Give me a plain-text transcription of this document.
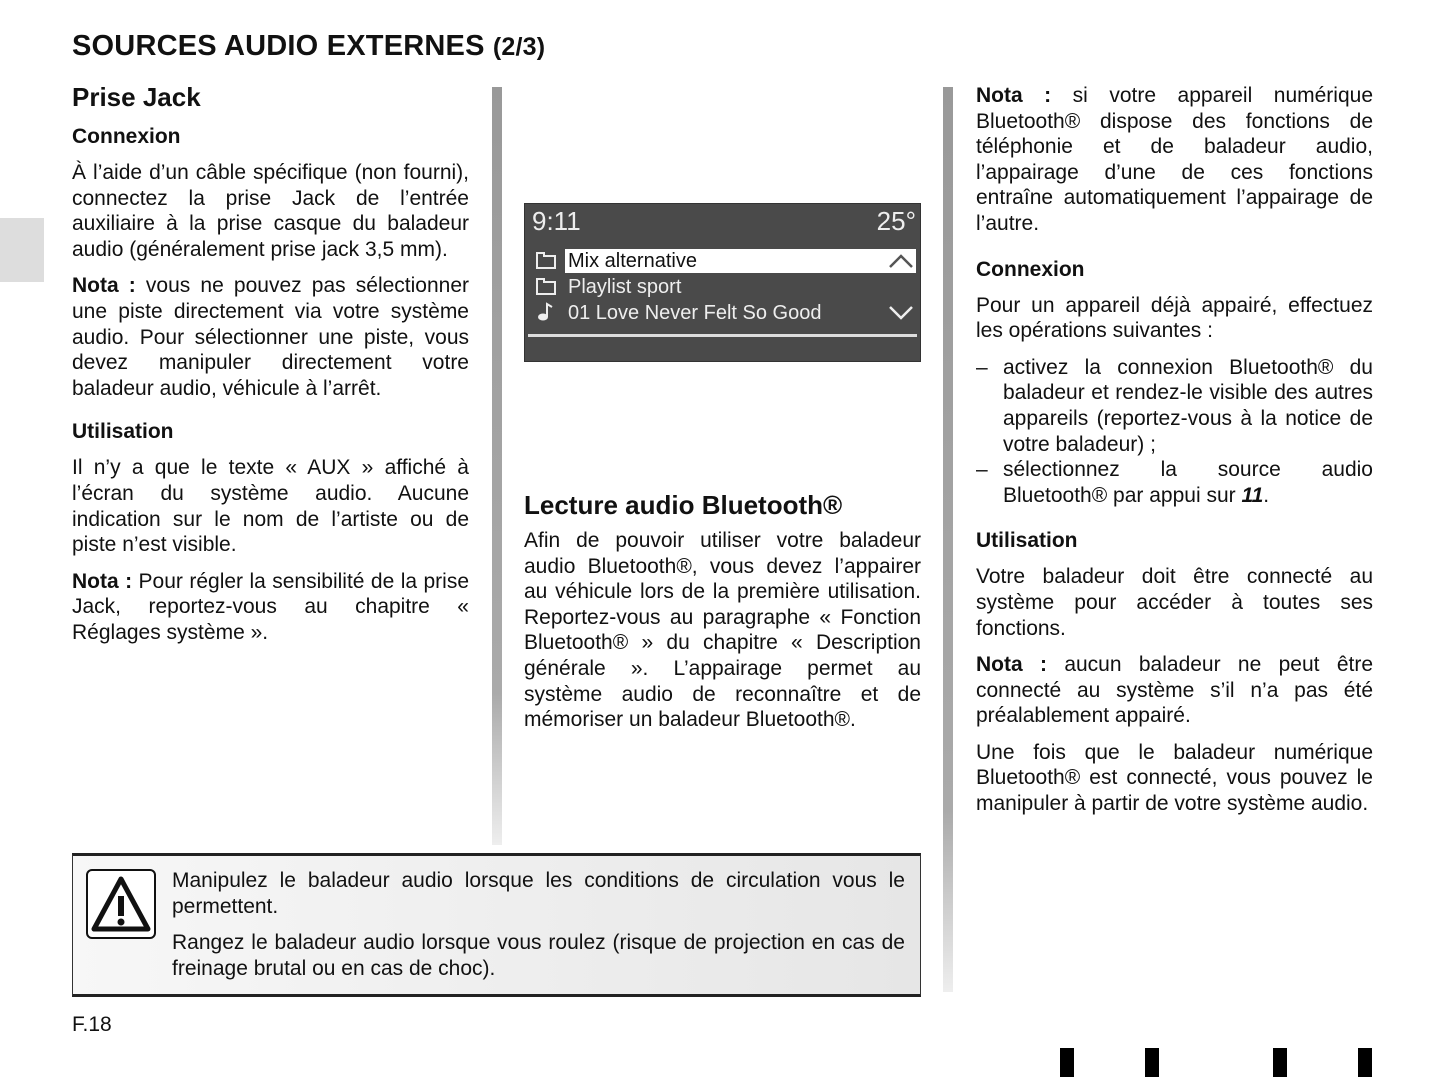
SOURCES AUDIO EXTERNES (2/3)
Prise Jack
Connexion

À l’aide d’un câble spécifique (non fourni), connectez la prise Jack de l’entrée auxiliaire à la prise casque du baladeur audio (généralement prise jack 3,5 mm).

Nota : vous ne pouvez pas sélectionner une piste directement via votre système audio. Pour sélectionner une piste, vous devez manipuler directement votre baladeur audio, véhicule à l’arrêt.

Utilisation

Il n’y a que le texte « AUX » affiché à l’écran du système audio. Aucune indication sur le nom de l’artiste ou de piste n’est visible.

Nota : Pour régler la sensibilité de la prise Jack, reportez-vous au chapitre « Réglages système ».

9:11	25°
Mix alternative
Playlist sport
01 Love Never Felt So Good
Lecture audio Bluetooth®

Afin de pouvoir utiliser votre baladeur audio Bluetooth®, vous devez l’appairer au véhicule lors de la première utilisation. Reportez-vous au paragraphe « Fonction Bluetooth® » du chapitre « Description générale ». L’appairage permet au système audio de reconnaître et de mémoriser un baladeur Bluetooth®.

Nota : si votre appareil numérique Bluetooth® dispose des fonctions de téléphonie et de baladeur audio, l’appairage d’une de ces fonctions entraîne automatiquement l’appairage de l’autre.

Connexion

Pour un appareil déjà appairé, effectuez les opérations suivantes :

– activez la connexion Bluetooth® du baladeur et rendez-le visible des autres appareils (reportez-vous à la notice de votre baladeur) ;
– sélectionnez la source audio Bluetooth® par appui sur 11.
Utilisation

Votre baladeur doit être connecté au système pour accéder à toutes ses fonctions.

Nota : aucun baladeur ne peut être connecté au système s’il n’a pas été préalablement appairé.

Une fois que le baladeur numérique Bluetooth® est connecté, vous pouvez le manipuler à partir de votre système audio.

Manipulez le baladeur audio lorsque les conditions de circulation vous le permettent.

Rangez le baladeur audio lorsque vous roulez (risque de projection en cas de freinage brutal ou en cas de choc).

F.18
